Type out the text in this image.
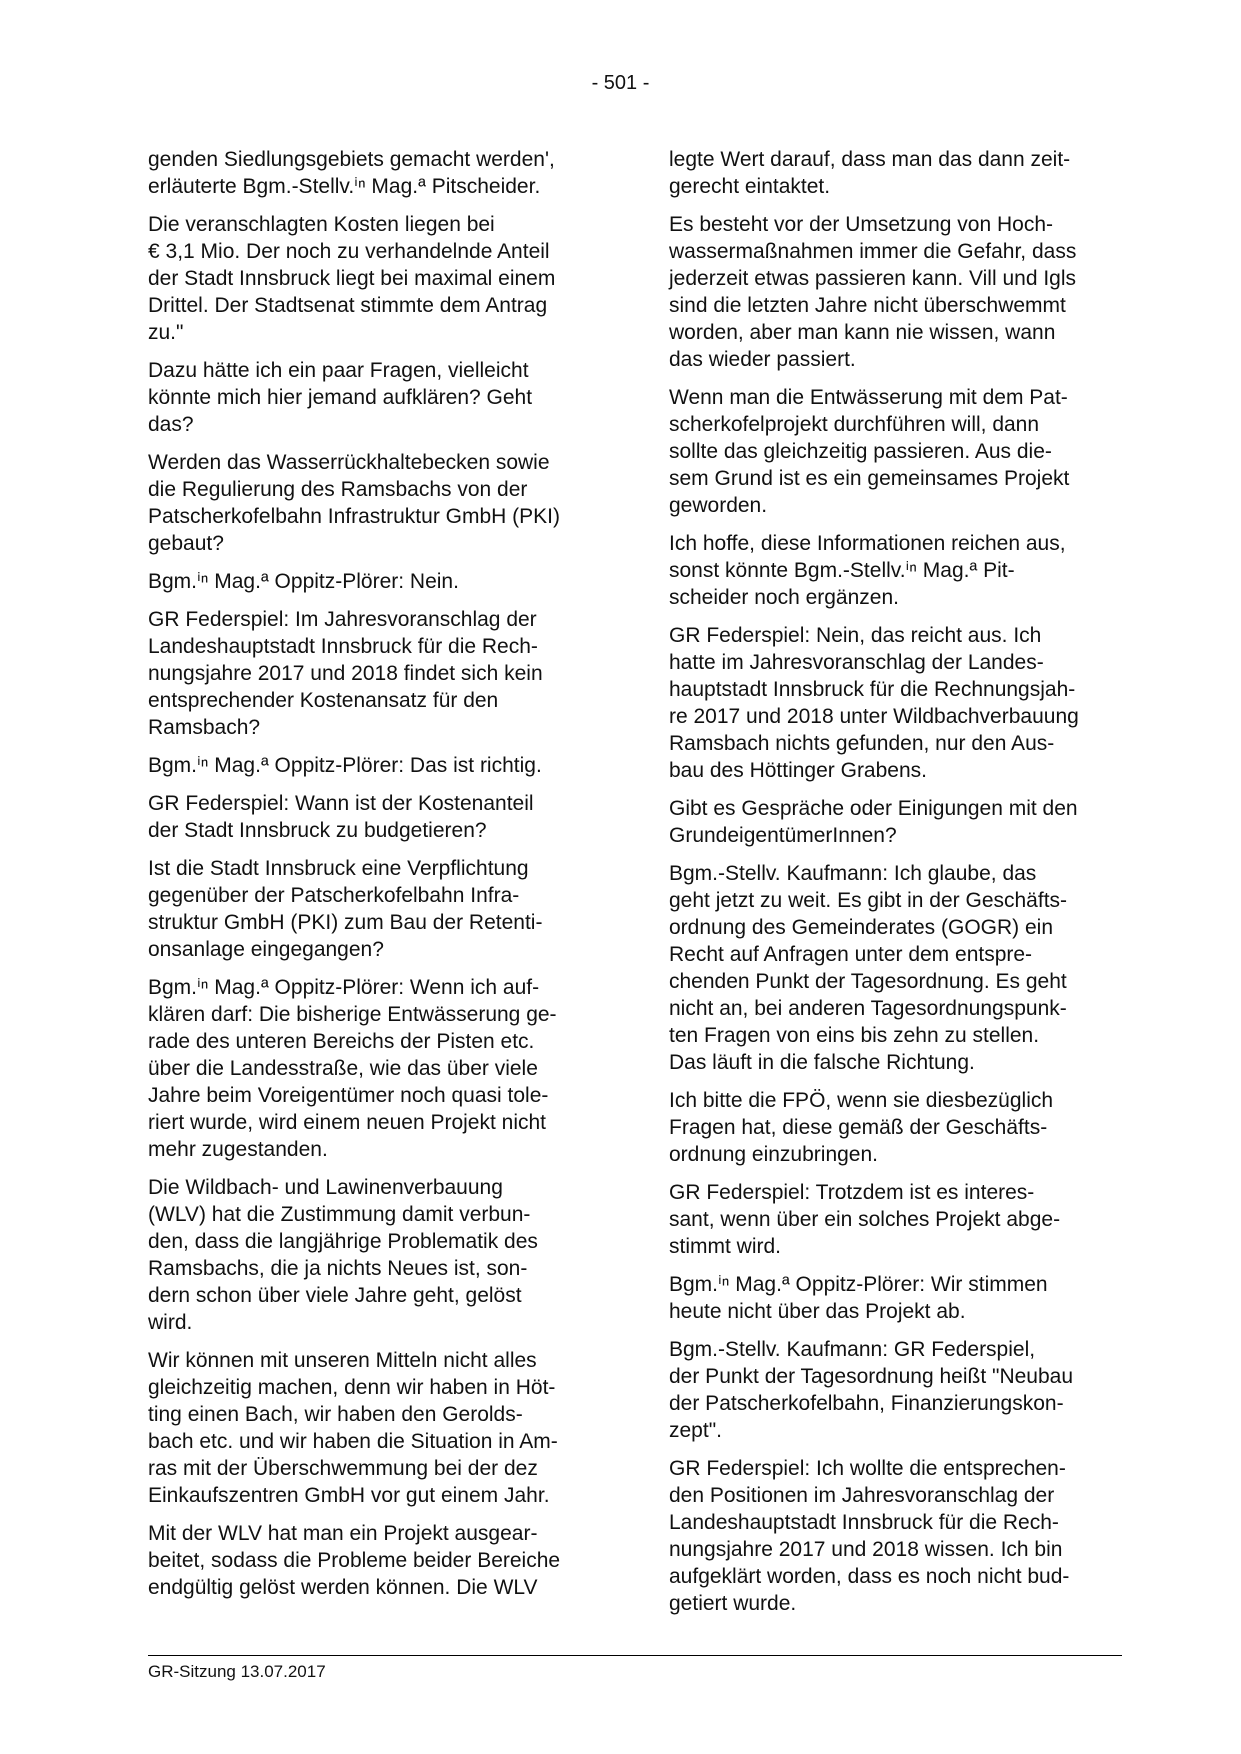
- 501 -

genden Siedlungsgebiets gemacht werden',
erläuterte Bgm.-Stellv.ⁱⁿ Mag.ª Pitscheider.

Die veranschlagten Kosten liegen bei
€ 3,1 Mio. Der noch zu verhandelnde Anteil
der Stadt Innsbruck liegt bei maximal einem
Drittel. Der Stadtsenat stimmte dem Antrag
zu."

Dazu hätte ich ein paar Fragen, vielleicht
könnte mich hier jemand aufklären? Geht
das?

Werden das Wasserrückhaltebecken sowie
die Regulierung des Ramsbachs von der
Patscherkofelbahn Infrastruktur GmbH (PKI)
gebaut?

Bgm.ⁱⁿ Mag.ª Oppitz-Plörer: Nein.

GR Federspiel: Im Jahresvoranschlag der
Landeshauptstadt Innsbruck für die Rech-
nungsjahre 2017 und 2018 findet sich kein
entsprechender Kostenansatz für den
Ramsbach?

Bgm.ⁱⁿ Mag.ª Oppitz-Plörer: Das ist richtig.

GR Federspiel: Wann ist der Kostenanteil
der Stadt Innsbruck zu budgetieren?

Ist die Stadt Innsbruck eine Verpflichtung
gegenüber der Patscherkofelbahn Infra-
struktur GmbH (PKI) zum Bau der Retenti-
onsanlage eingegangen?

Bgm.ⁱⁿ Mag.ª Oppitz-Plörer: Wenn ich auf-
klären darf: Die bisherige Entwässerung ge-
rade des unteren Bereichs der Pisten etc.
über die Landesstraße, wie das über viele
Jahre beim Voreigentümer noch quasi tole-
riert wurde, wird einem neuen Projekt nicht
mehr zugestanden.

Die Wildbach- und Lawinenverbauung
(WLV) hat die Zustimmung damit verbun-
den, dass die langjährige Problematik des
Ramsbachs, die ja nichts Neues ist, son-
dern schon über viele Jahre geht, gelöst
wird.

Wir können mit unseren Mitteln nicht alles
gleichzeitig machen, denn wir haben in Höt-
ting einen Bach, wir haben den Gerolds-
bach etc. und wir haben die Situation in Am-
ras mit der Überschwemmung bei der dez
Einkaufszentren GmbH vor gut einem Jahr.

Mit der WLV hat man ein Projekt ausgear-
beitet, sodass die Probleme beider Bereiche
endgültig gelöst werden können. Die WLV

legte Wert darauf, dass man das dann zeit-
gerecht eintaktet.

Es besteht vor der Umsetzung von Hoch-
wassermaßnahmen immer die Gefahr, dass
jederzeit etwas passieren kann. Vill und Igls
sind die letzten Jahre nicht überschwemmt
worden, aber man kann nie wissen, wann
das wieder passiert.

Wenn man die Entwässerung mit dem Pat-
scherkofelprojekt durchführen will, dann
sollte das gleichzeitig passieren. Aus die-
sem Grund ist es ein gemeinsames Projekt
geworden.

Ich hoffe, diese Informationen reichen aus,
sonst könnte Bgm.-Stellv.ⁱⁿ Mag.ª Pit-
scheider noch ergänzen.

GR Federspiel: Nein, das reicht aus. Ich
hatte im Jahresvoranschlag der Landes-
hauptstadt Innsbruck für die Rechnungsjah-
re 2017 und 2018 unter Wildbachverbauung
Ramsbach nichts gefunden, nur den Aus-
bau des Höttinger Grabens.

Gibt es Gespräche oder Einigungen mit den
GrundeigentümerInnen?

Bgm.-Stellv. Kaufmann: Ich glaube, das
geht jetzt zu weit. Es gibt in der Geschäfts-
ordnung des Gemeinderates (GOGR) ein
Recht auf Anfragen unter dem entspre-
chenden Punkt der Tagesordnung. Es geht
nicht an, bei anderen Tagesordnungspunk-
ten Fragen von eins bis zehn zu stellen.
Das läuft in die falsche Richtung.

Ich bitte die FPÖ, wenn sie diesbezüglich
Fragen hat, diese gemäß der Geschäfts-
ordnung einzubringen.

GR Federspiel: Trotzdem ist es interes-
sant, wenn über ein solches Projekt abge-
stimmt wird.

Bgm.ⁱⁿ Mag.ª Oppitz-Plörer: Wir stimmen
heute nicht über das Projekt ab.

Bgm.-Stellv. Kaufmann: GR Federspiel,
der Punkt der Tagesordnung heißt "Neubau
der Patscherkofelbahn, Finanzierungskon-
zept".

GR Federspiel: Ich wollte die entsprechen-
den Positionen im Jahresvoranschlag der
Landeshauptstadt Innsbruck für die Rech-
nungsjahre 2017 und 2018 wissen. Ich bin
aufgeklärt worden, dass es noch nicht bud-
getiert wurde.

GR-Sitzung 13.07.2017
